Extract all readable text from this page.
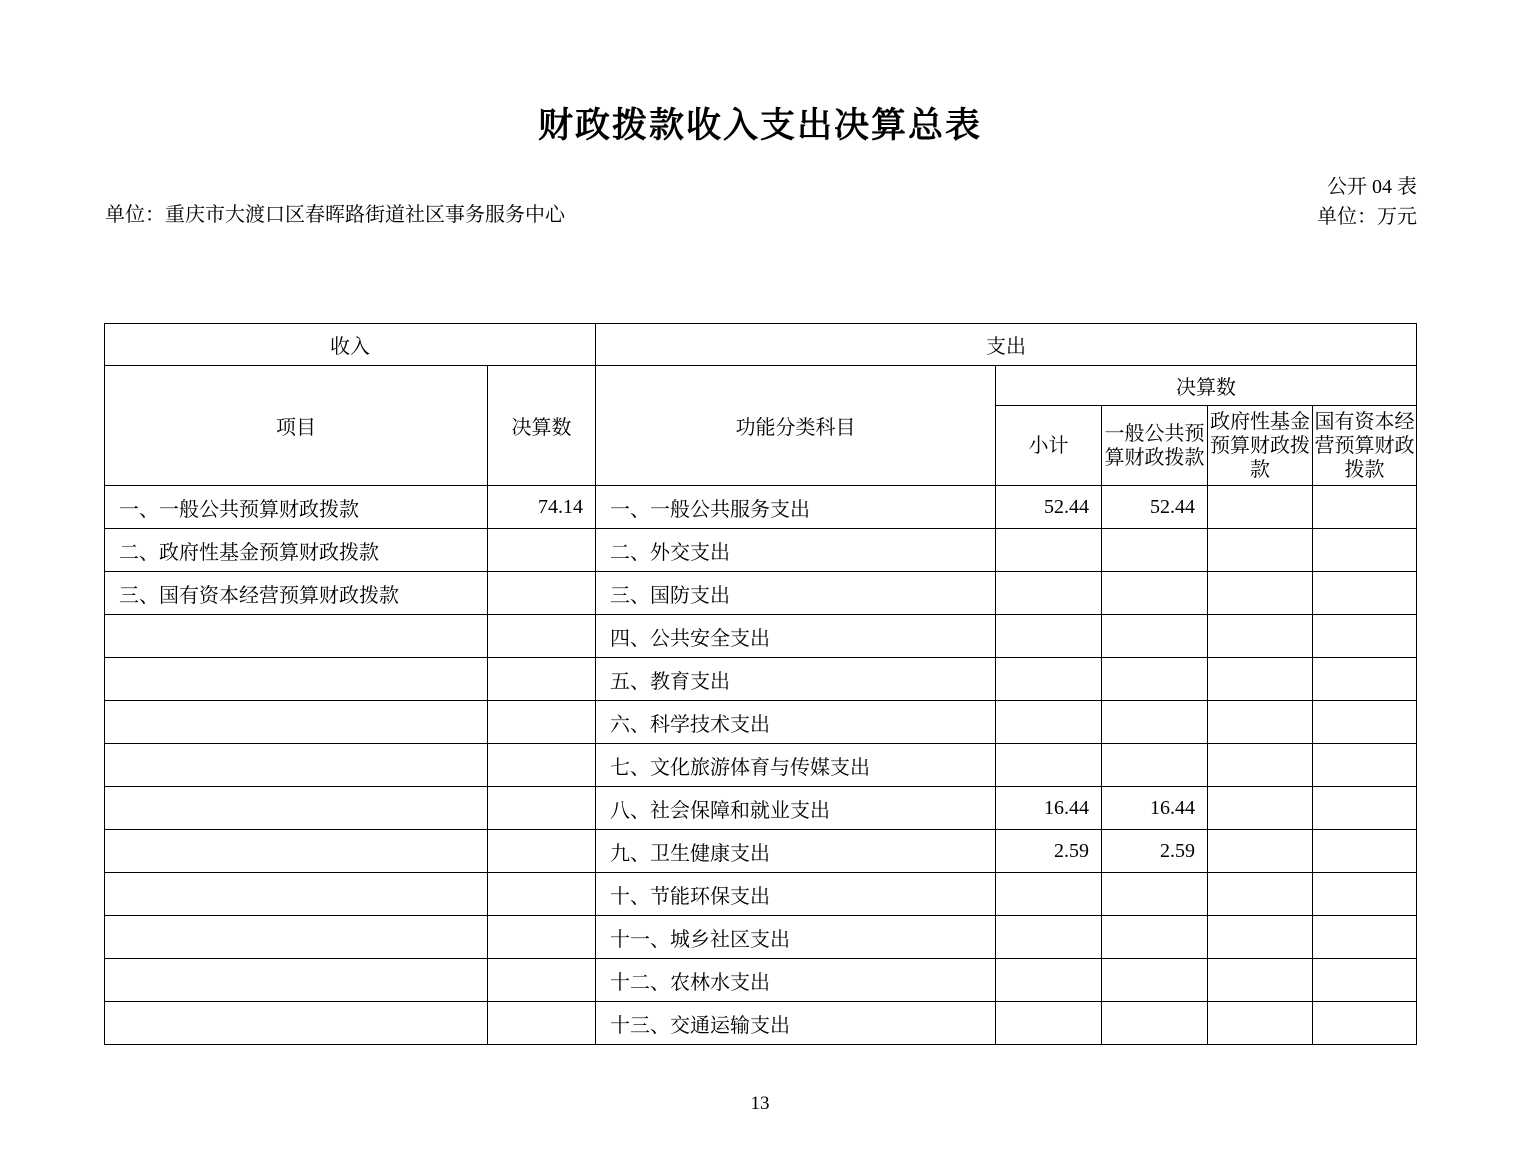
财政拨款收入支出决算总表
公开 04 表
单位：重庆市大渡口区春晖路街道社区事务服务中心	单位：万元
收入		支出				
项目	决算数	功能分类科目	决算数			
			小计	一般公共预算财政拨款	政府性基金预算财政拨款	国有资本经营预算财政拨款
一、一般公共预算财政拨款	74.14	一、一般公共服务支出	52.44	52.44		
二、政府性基金预算财政拨款		二、外交支出				
三、国有资本经营预算财政拨款		三、国防支出				
		四、公共安全支出				
		五、教育支出				
		六、科学技术支出				
		七、文化旅游体育与传媒支出				
		八、社会保障和就业支出	16.44	16.44		
		九、卫生健康支出	2.59	2.59		
		十、节能环保支出				
		十一、城乡社区支出				
		十二、农林水支出				
		十三、交通运输支出				
13
